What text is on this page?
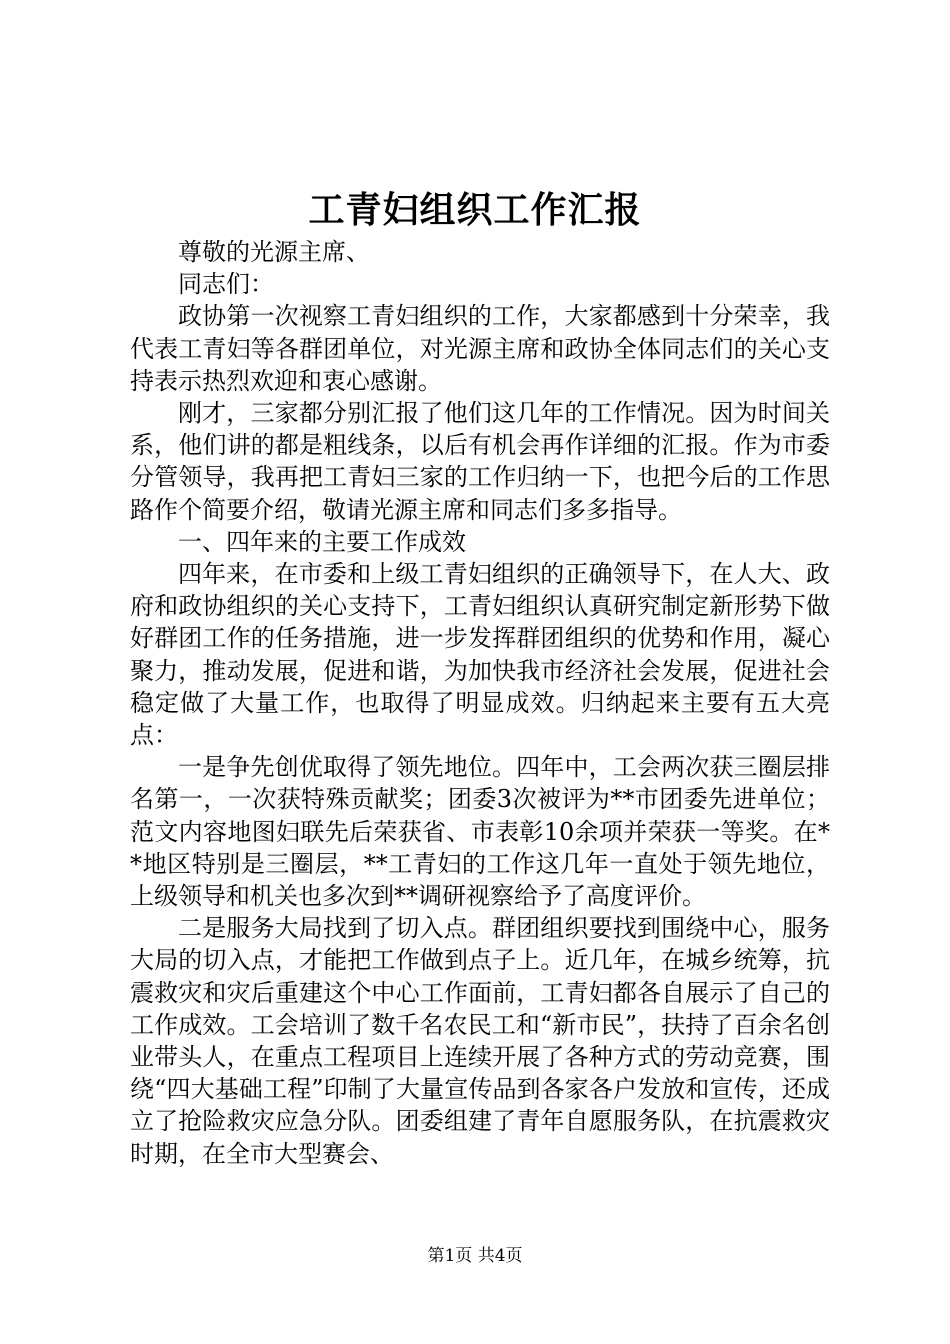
工青妇组织工作汇报

尊敬的光源主席、

同志们：

政协第一次视察工青妇组织的工作，大家都感到十分荣幸，我代表工青妇等各群团单位，对光源主席和政协全体同志们的关心支持表示热烈欢迎和衷心感谢。

刚才，三家都分别汇报了他们这几年的工作情况。因为时间关系，他们讲的都是粗线条，以后有机会再作详细的汇报。作为市委分管领导，我再把工青妇三家的工作归纳一下，也把今后的工作思路作个简要介绍，敬请光源主席和同志们多多指导。

一、四年来的主要工作成效

四年来，在市委和上级工青妇组织的正确领导下，在人大、政府和政协组织的关心支持下，工青妇组织认真研究制定新形势下做好群团工作的任务措施，进一步发挥群团组织的优势和作用，凝心聚力，推动发展，促进和谐，为加快我市经济社会发展，促进社会稳定做了大量工作，也取得了明显成效。归纳起来主要有五大亮点：

一是争先创优取得了领先地位。四年中，工会两次获三圈层排名第一，一次获特殊贡献奖；团委3次被评为**市团委先进单位；范文内容地图妇联先后荣获省、市表彰10余项并荣获一等奖。在**地区特别是三圈层，**工青妇的工作这几年一直处于领先地位，上级领导和机关也多次到**调研视察给予了高度评价。

二是服务大局找到了切入点。群团组织要找到围绕中心，服务大局的切入点，才能把工作做到点子上。近几年，在城乡统筹，抗震救灾和灾后重建这个中心工作面前，工青妇都各自展示了自己的工作成效。工会培训了数千名农民工和“新市民”，扶持了百余名创业带头人，在重点工程项目上连续开展了各种方式的劳动竞赛，围绕“四大基础工程”印制了大量宣传品到各家各户发放和宣传，还成立了抢险救灾应急分队。团委组建了青年自愿服务队，在抗震救灾时期，在全市大型赛会、

第1页 共4页
